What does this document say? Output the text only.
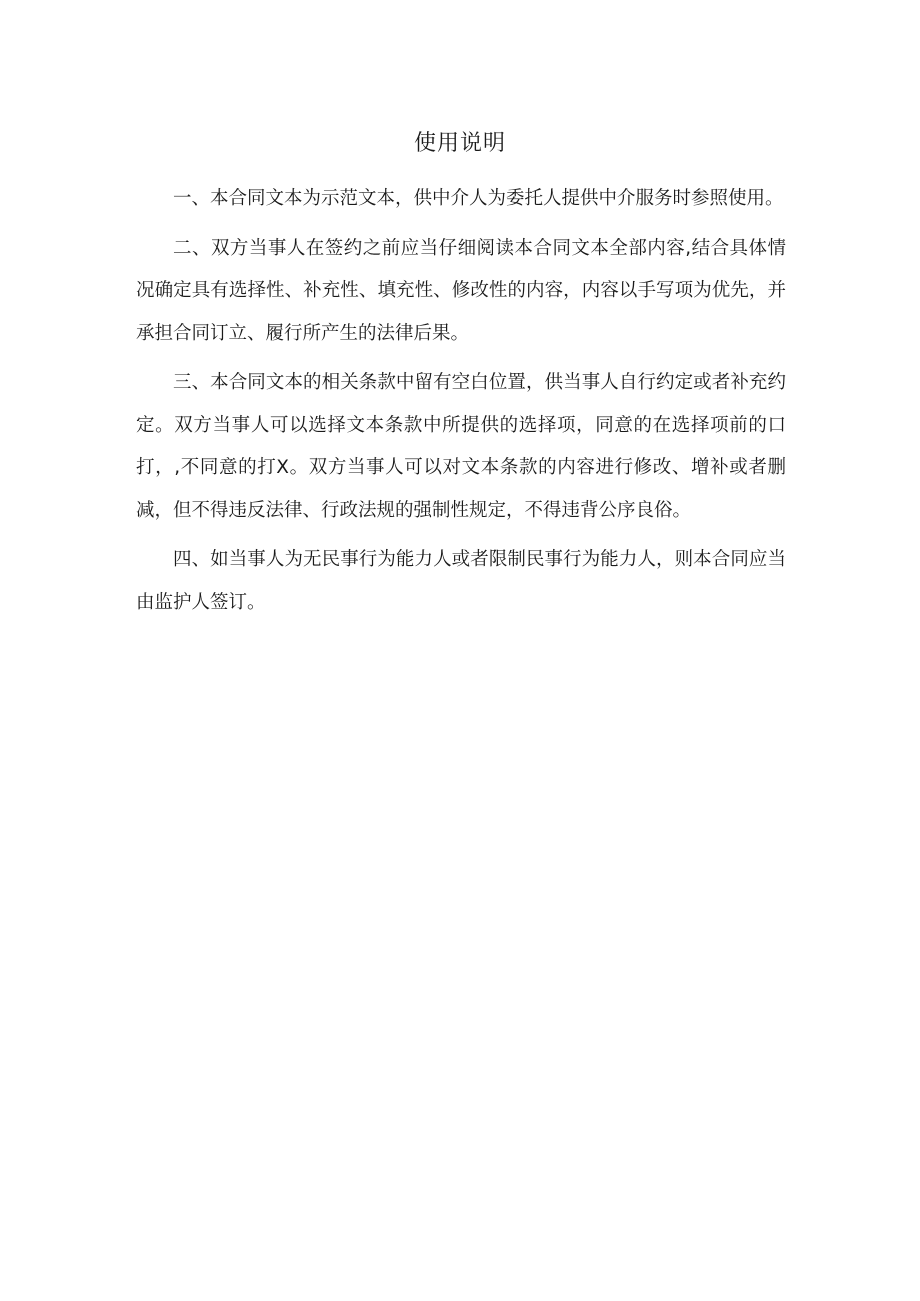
使用说明

一、本合同文本为示范文本，供中介人为委托人提供中介服务时参照使用。

二、双方当事人在签约之前应当仔细阅读本合同文本全部内容,结合具体情况确定具有选择性、补充性、填充性、修改性的内容，内容以手写项为优先，并承担合同订立、履行所产生的法律后果。

三、本合同文本的相关条款中留有空白位置，供当事人自行约定或者补充约定。双方当事人可以选择文本条款中所提供的选择项，同意的在选择项前的口打，,不同意的打X。双方当事人可以对文本条款的内容进行修改、增补或者删减，但不得违反法律、行政法规的强制性规定，不得违背公序良俗。

四、如当事人为无民事行为能力人或者限制民事行为能力人，则本合同应当由监护人签订。
